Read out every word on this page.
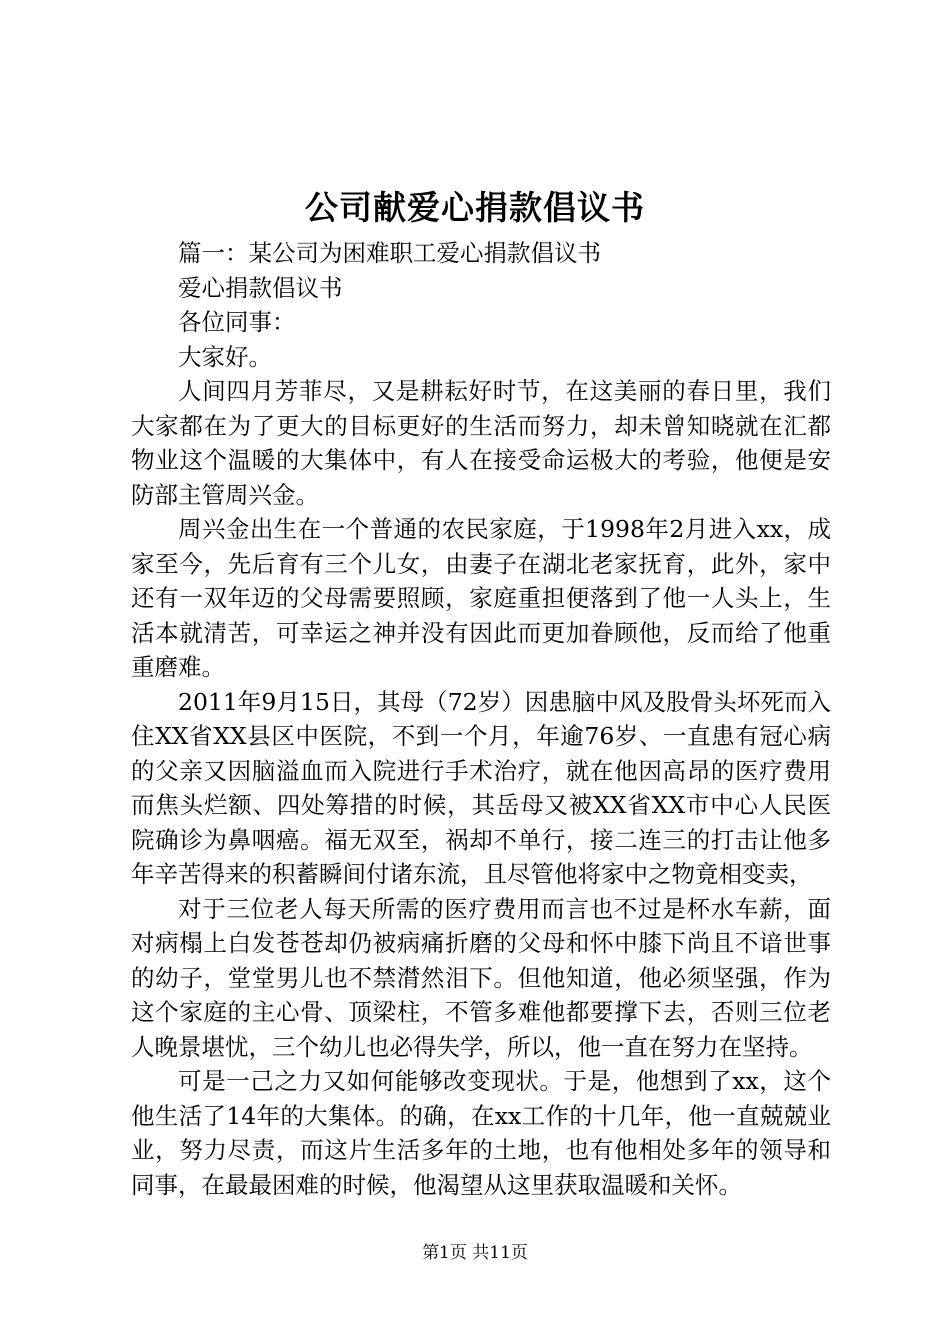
公司献爱心捐款倡议书

篇一：某公司为困难职工爱心捐款倡议书

爱心捐款倡议书

各位同事：

大家好。

人间四月芳菲尽，又是耕耘好时节，在这美丽的春日里，我们大家都在为了更大的目标更好的生活而努力，却未曾知晓就在汇都物业这个温暖的大集体中，有人在接受命运极大的考验，他便是安防部主管周兴金。

周兴金出生在一个普通的农民家庭，于1998年2月进入xx，成家至今，先后育有三个儿女，由妻子在湖北老家抚育，此外，家中还有一双年迈的父母需要照顾，家庭重担便落到了他一人头上，生活本就清苦，可幸运之神并没有因此而更加眷顾他，反而给了他重重磨难。

2011年9月15日，其母（72岁）因患脑中风及股骨头坏死而入住XX省XX县区中医院，不到一个月，年逾76岁、一直患有冠心病的父亲又因脑溢血而入院进行手术治疗，就在他因高昂的医疗费用而焦头烂额、四处筹措的时候，其岳母又被XX省XX市中心人民医院确诊为鼻咽癌。福无双至，祸却不单行，接二连三的打击让他多年辛苦得来的积蓄瞬间付诸东流，且尽管他将家中之物竟相变卖，

对于三位老人每天所需的医疗费用而言也不过是杯水车薪，面对病榻上白发苍苍却仍被病痛折磨的父母和怀中膝下尚且不谙世事的幼子，堂堂男儿也不禁潸然泪下。但他知道，他必须坚强，作为这个家庭的主心骨、顶梁柱，不管多难他都要撑下去，否则三位老人晚景堪忧，三个幼儿也必得失学，所以，他一直在努力在坚持。

可是一己之力又如何能够改变现状。于是，他想到了xx，这个他生活了14年的大集体。的确，在xx工作的十几年，他一直兢兢业业，努力尽责，而这片生活多年的土地，也有他相处多年的领导和同事，在最最困难的时候，他渴望从这里获取温暖和关怀。

第1页 共11页
